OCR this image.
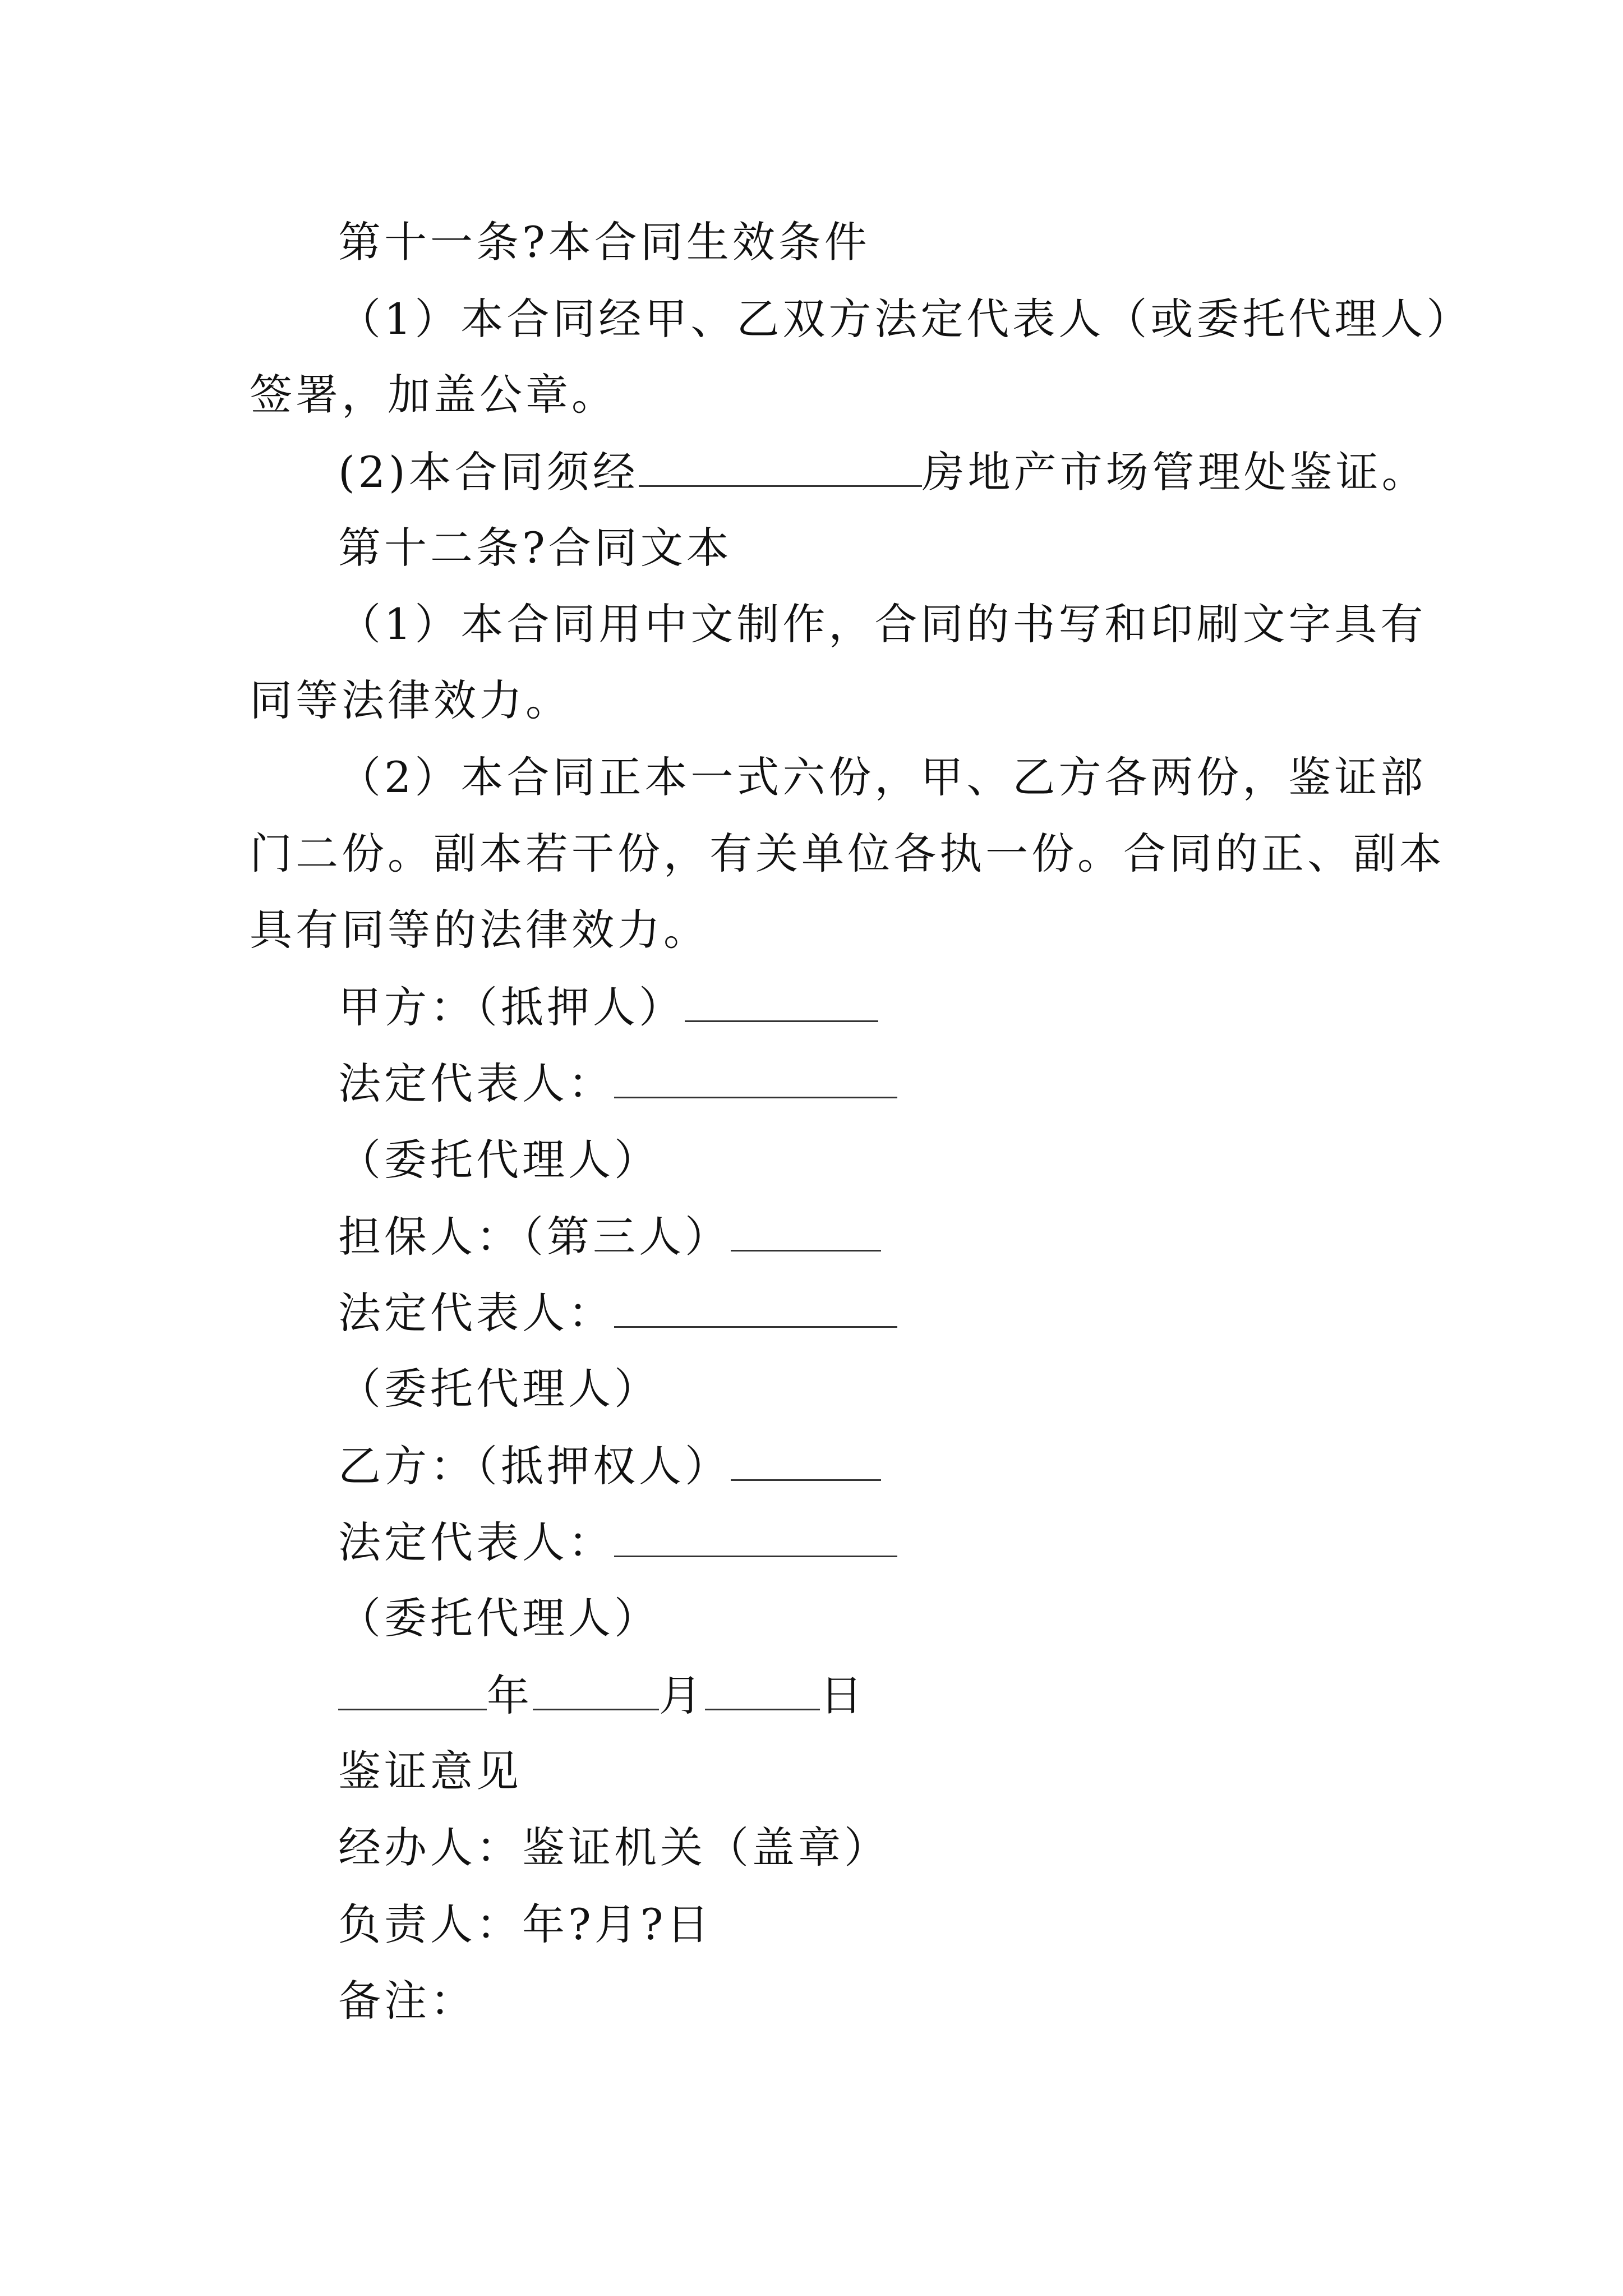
第十一条?本合同生效条件

（1）本合同经甲、乙双方法定代表人（或委托代理人）

签署，加盖公章。

(2)本合同须经	房地产市场管理处鉴证。

第十二条?合同文本

（1）本合同用中文制作，合同的书写和印刷文字具有

同等法律效力。

（2）本合同正本一式六份，甲、乙方各两份，鉴证部

门二份。副本若干份，有关单位各执一份。合同的正、副本

具有同等的法律效力。

甲方：（抵押人）

法定代表人：

（委托代理人）

担保人：（第三人）

法定代表人：

（委托代理人）

乙方：（抵押权人）

法定代表人：

（委托代理人）

年	月	日

鉴证意见

经办人：鉴证机关（盖章）

负责人：年?月?日

备注：
